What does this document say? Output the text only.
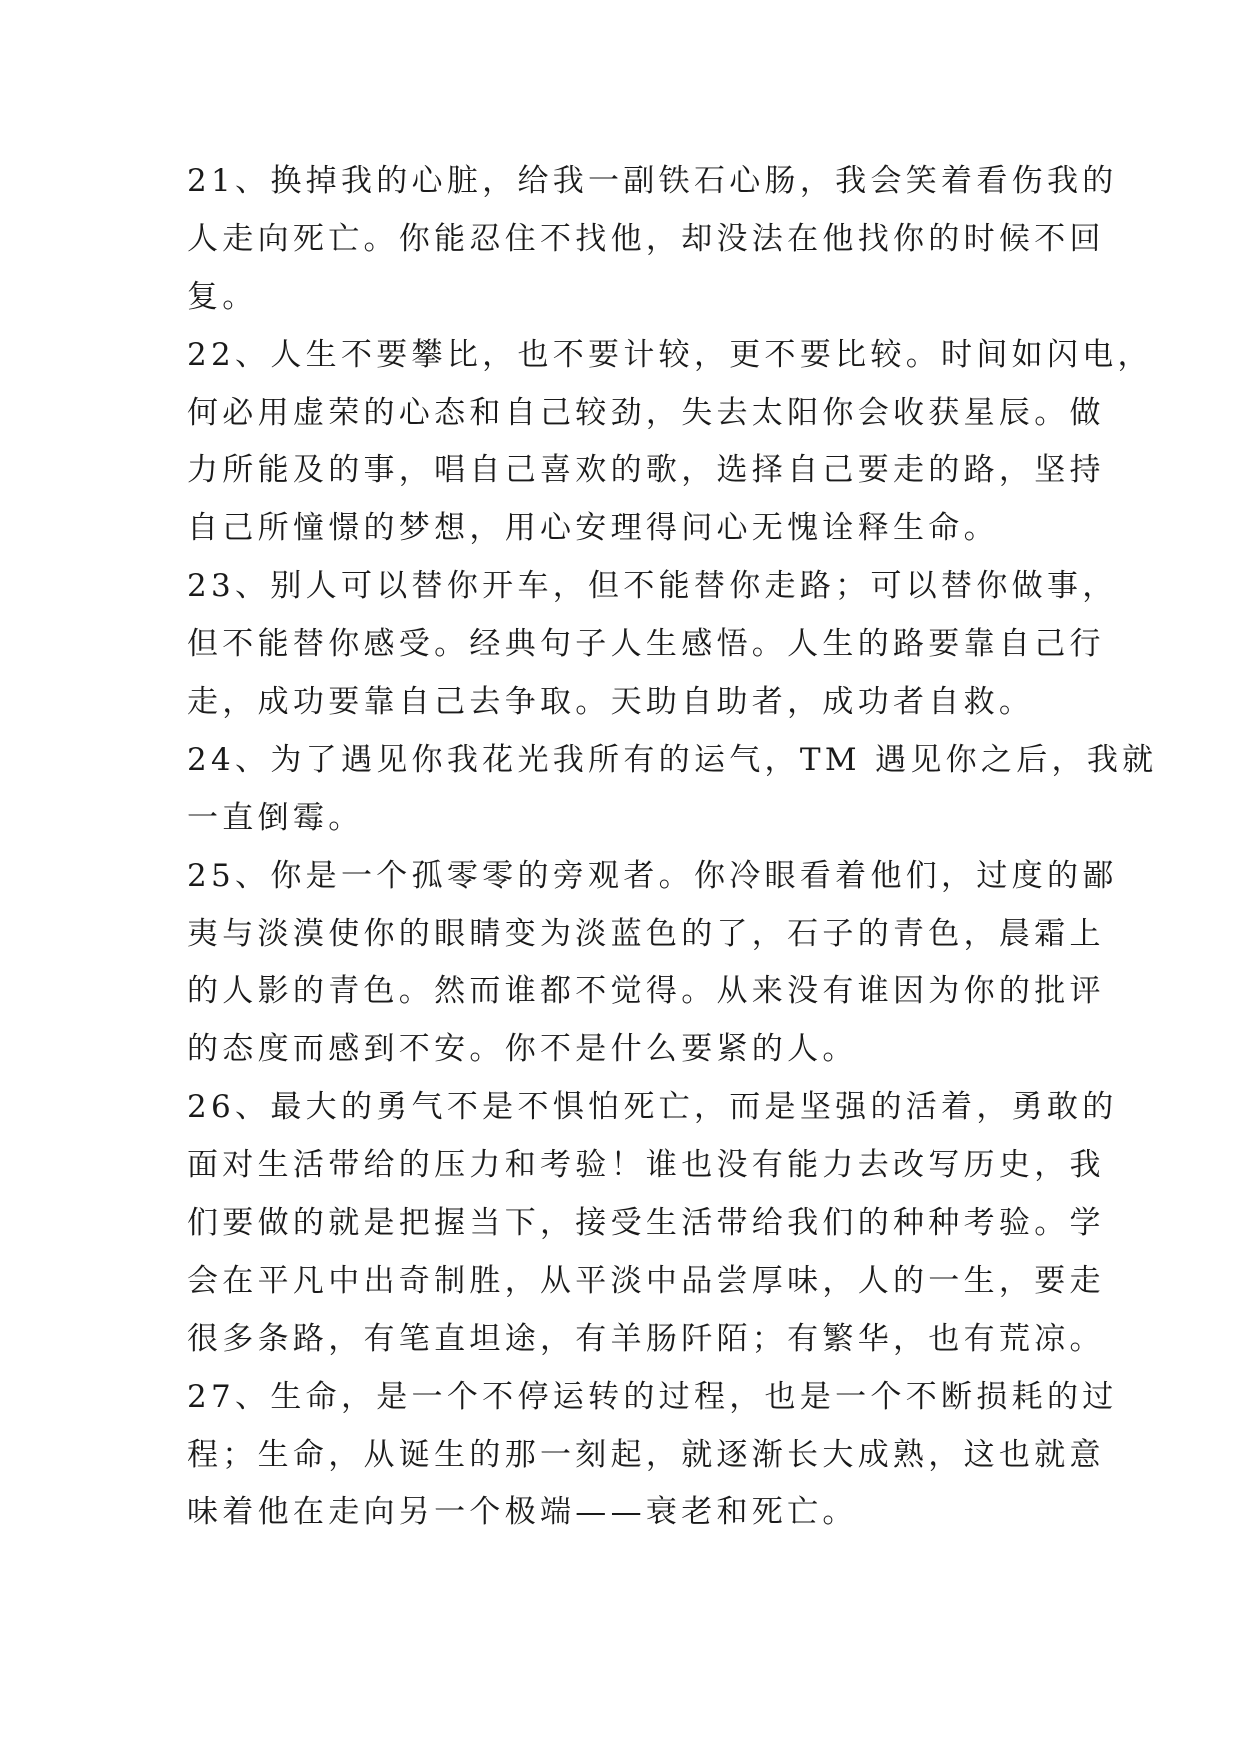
21、换掉我的心脏，给我一副铁石心肠，我会笑着看伤我的
人走向死亡。你能忍住不找他，却没法在他找你的时候不回
复。
22、人生不要攀比，也不要计较，更不要比较。时间如闪电，
何必用虚荣的心态和自己较劲，失去太阳你会收获星辰。做
力所能及的事，唱自己喜欢的歌，选择自己要走的路，坚持
自己所憧憬的梦想，用心安理得问心无愧诠释生命。
23、别人可以替你开车，但不能替你走路；可以替你做事，
但不能替你感受。经典句子人生感悟。人生的路要靠自己行
走，成功要靠自己去争取。天助自助者，成功者自救。
24、为了遇见你我花光我所有的运气，TM 遇见你之后，我就
一直倒霉。
25、你是一个孤零零的旁观者。你冷眼看着他们，过度的鄙
夷与淡漠使你的眼睛变为淡蓝色的了，石子的青色，晨霜上
的人影的青色。然而谁都不觉得。从来没有谁因为你的批评
的态度而感到不安。你不是什么要紧的人。
26、最大的勇气不是不惧怕死亡，而是坚强的活着，勇敢的
面对生活带给的压力和考验！谁也没有能力去改写历史，我
们要做的就是把握当下，接受生活带给我们的种种考验。学
会在平凡中出奇制胜，从平淡中品尝厚味，人的一生，要走
很多条路，有笔直坦途，有羊肠阡陌；有繁华，也有荒凉。
27、生命，是一个不停运转的过程，也是一个不断损耗的过
程；生命，从诞生的那一刻起，就逐渐长大成熟，这也就意
味着他在走向另一个极端——衰老和死亡。
